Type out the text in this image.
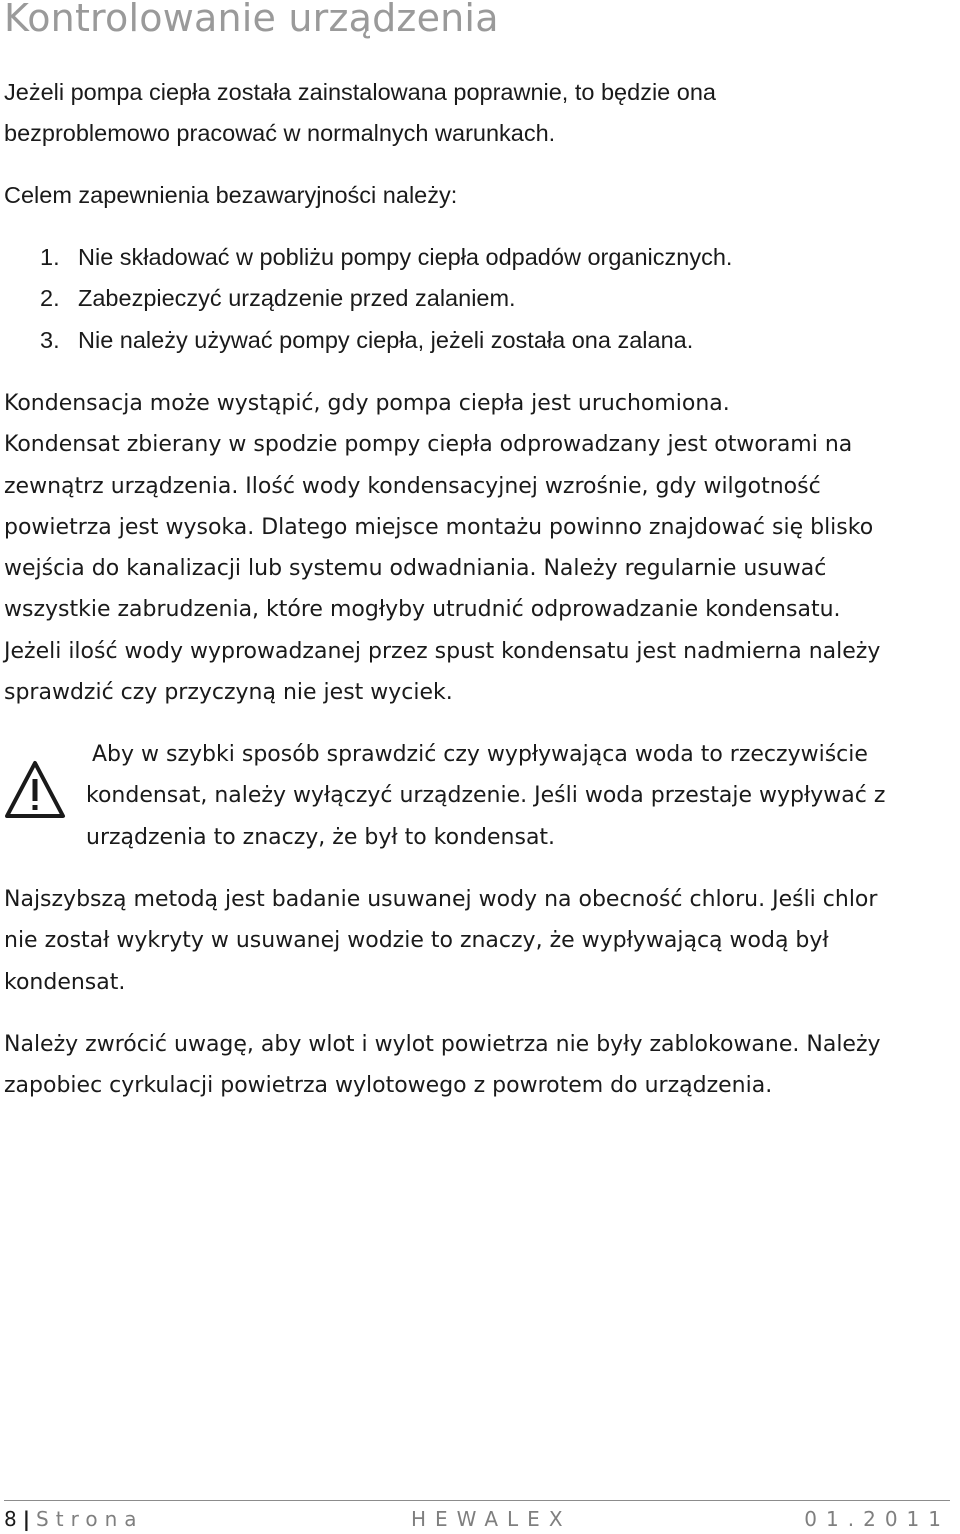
Kontrolowanie urządzenia

Jeżeli pompa ciepła została zainstalowana poprawnie, to będzie ona
bezproblemowo pracować w normalnych warunkach.

Celem zapewnienia bezawaryjności należy:

1. Nie składować w pobliżu pompy ciepła odpadów organicznych.
2. Zabezpieczyć urządzenie przed zalaniem.
3. Nie należy używać pompy ciepła, jeżeli została ona zalana.

Kondensacja może wystąpić, gdy pompa ciepła jest uruchomiona.
Kondensat zbierany w spodzie pompy ciepła odprowadzany jest otworami na
zewnątrz urządzenia. Ilość wody kondensacyjnej wzrośnie, gdy wilgotność
powietrza jest wysoka. Dlatego miejsce montażu powinno znajdować się blisko
wejścia do kanalizacji lub systemu odwadniania. Należy regularnie usuwać
wszystkie zabrudzenia, które mogłyby utrudnić odprowadzanie kondensatu.
Jeżeli ilość wody wyprowadzanej przez spust kondensatu jest nadmierna należy
sprawdzić czy przyczyną nie jest wyciek.

Aby w szybki sposób sprawdzić czy wypływająca woda to rzeczywiście
kondensat, należy wyłączyć urządzenie. Jeśli woda przestaje wypływać z
urządzenia to znaczy, że był to kondensat.

Najszybszą metodą jest badanie usuwanej wody na obecność chloru. Jeśli chlor
nie został wykryty w usuwanej wodzie to znaczy, że wypływającą wodą był
kondensat.

Należy zwrócić uwagę, aby wlot i wylot powietrza nie były zablokowane. Należy
zapobiec cyrkulacji powietrza wylotowego z powrotem do urządzenia.

8 | Strona	HEWALEX	01.2011
